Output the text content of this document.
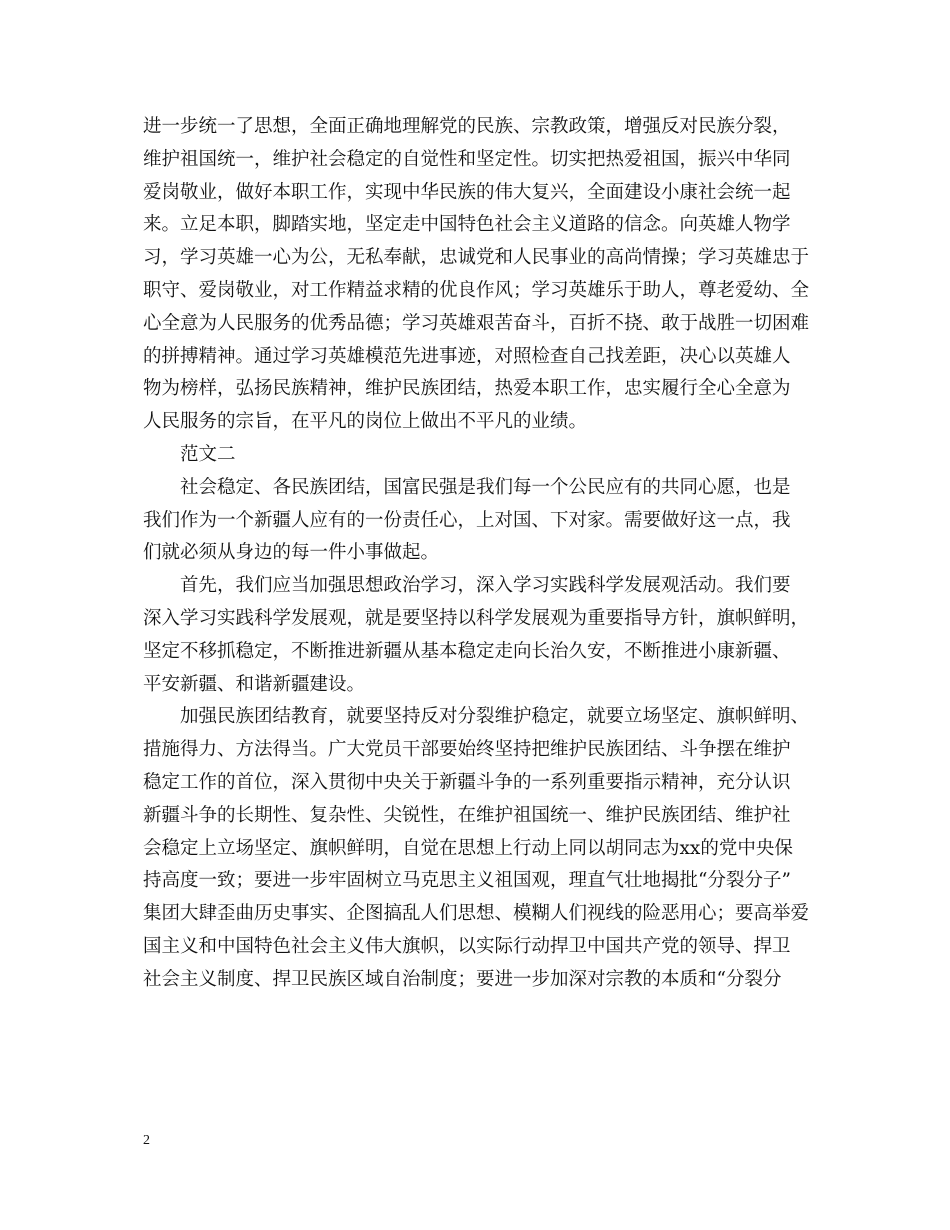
进一步统一了思想，全面正确地理解党的民族、宗教政策，增强反对民族分裂，
维护祖国统一，维护社会稳定的自觉性和坚定性。切实把热爱祖国，振兴中华同
爱岗敬业，做好本职工作，实现中华民族的伟大复兴，全面建设小康社会统一起
来。立足本职，脚踏实地，坚定走中国特色社会主义道路的信念。向英雄人物学
习，学习英雄一心为公，无私奉献，忠诚党和人民事业的高尚情操；学习英雄忠于
职守、爱岗敬业，对工作精益求精的优良作风；学习英雄乐于助人，尊老爱幼、全
心全意为人民服务的优秀品德；学习英雄艰苦奋斗，百折不挠、敢于战胜一切困难
的拼搏精神。通过学习英雄模范先进事迹，对照检查自己找差距，决心以英雄人
物为榜样，弘扬民族精神，维护民族团结，热爱本职工作，忠实履行全心全意为
人民服务的宗旨，在平凡的岗位上做出不平凡的业绩。
范文二
社会稳定、各民族团结，国富民强是我们每一个公民应有的共同心愿，也是
我们作为一个新疆人应有的一份责任心，上对国、下对家。需要做好这一点，我
们就必须从身边的每一件小事做起。
首先，我们应当加强思想政治学习，深入学习实践科学发展观活动。我们要
深入学习实践科学发展观，就是要坚持以科学发展观为重要指导方针，旗帜鲜明，
坚定不移抓稳定，不断推进新疆从基本稳定走向长治久安，不断推进小康新疆、
平安新疆、和谐新疆建设。
加强民族团结教育，就要坚持反对分裂维护稳定，就要立场坚定、旗帜鲜明、
措施得力、方法得当。广大党员干部要始终坚持把维护民族团结、斗争摆在维护
稳定工作的首位，深入贯彻中央关于新疆斗争的一系列重要指示精神，充分认识
新疆斗争的长期性、复杂性、尖锐性，在维护祖国统一、维护民族团结、维护社
会稳定上立场坚定、旗帜鲜明，自觉在思想上行动上同以胡同志为xx的党中央保
持高度一致；要进一步牢固树立马克思主义祖国观，理直气壮地揭批“分裂分子”
集团大肆歪曲历史事实、企图搞乱人们思想、模糊人们视线的险恶用心；要高举爱
国主义和中国特色社会主义伟大旗帜，以实际行动捍卫中国共产党的领导、捍卫
社会主义制度、捍卫民族区域自治制度；要进一步加深对宗教的本质和“分裂分
2
